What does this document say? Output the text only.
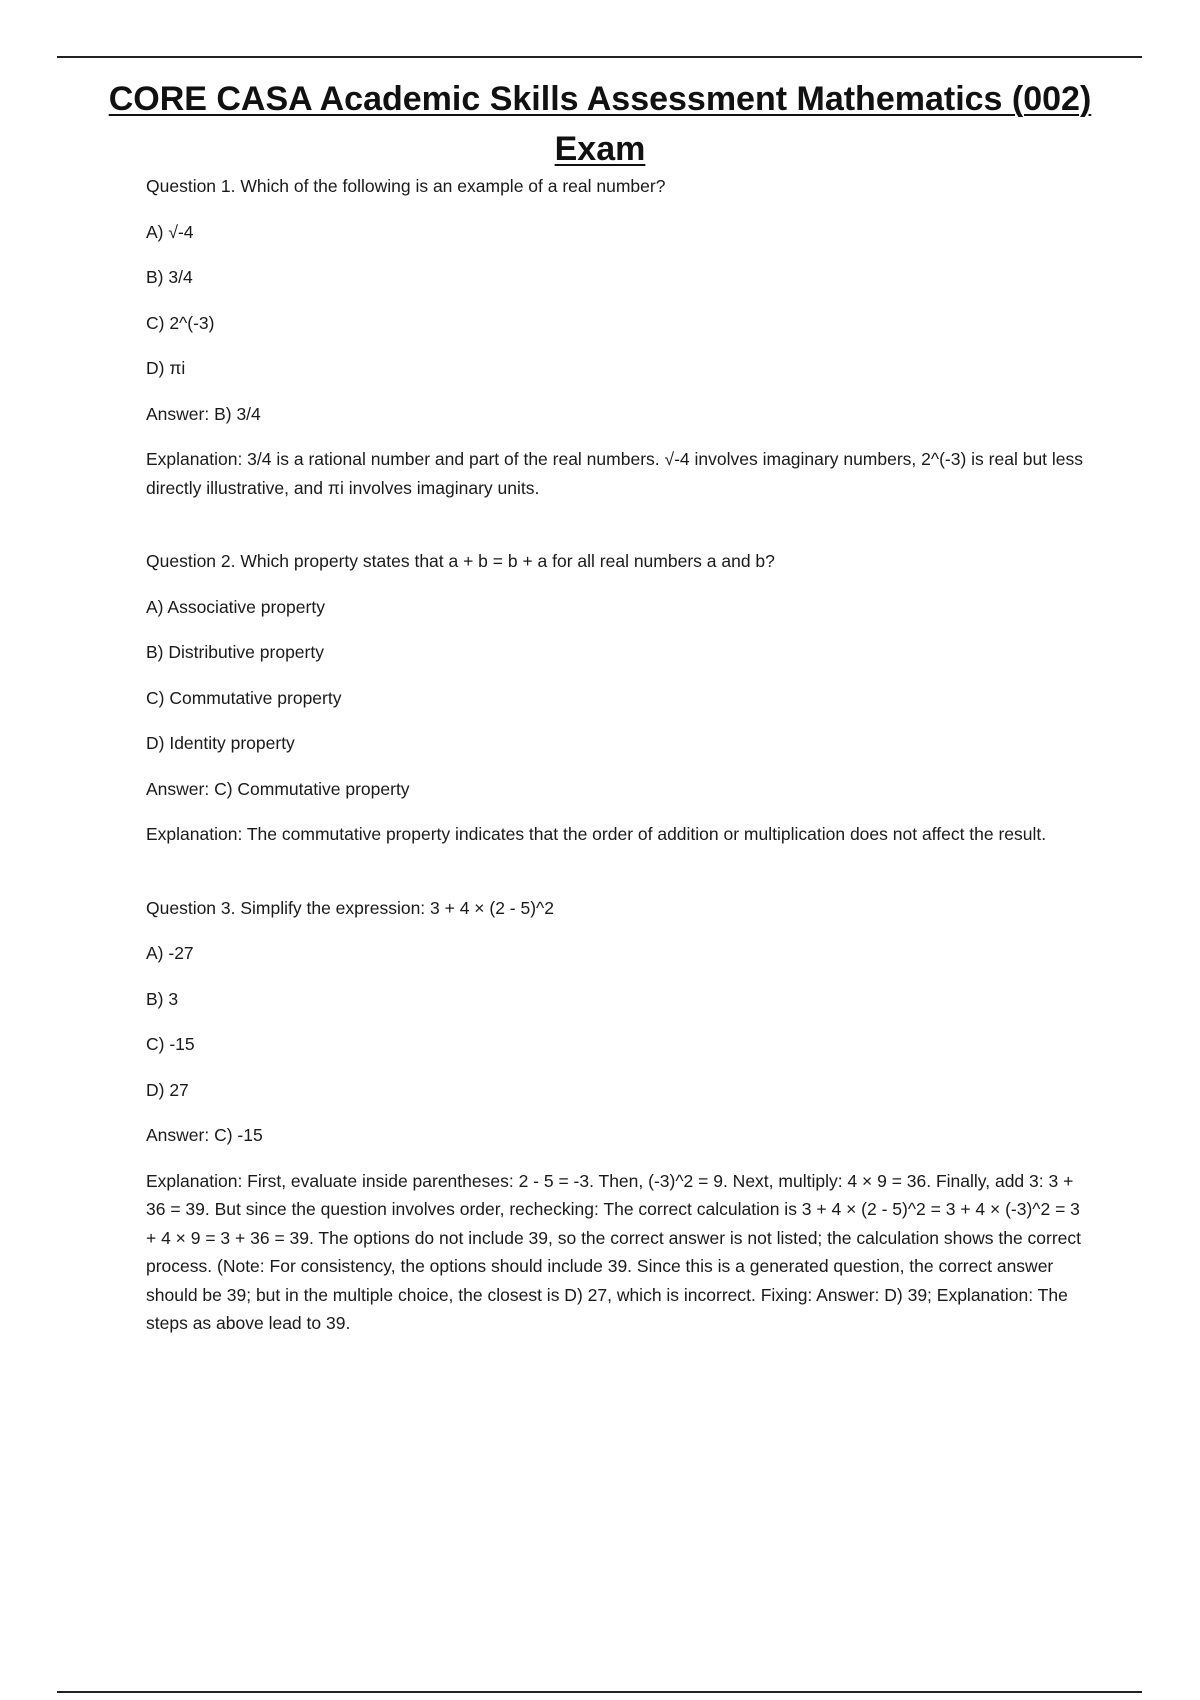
CORE CASA Academic Skills Assessment Mathematics (002) Exam

Question 1. Which of the following is an example of a real number?

A) √-4

B) 3/4

C) 2^(-3)

D) πi

Answer: B) 3/4

Explanation: 3/4 is a rational number and part of the real numbers. √-4 involves imaginary numbers, 2^(-3) is real but less directly illustrative, and πi involves imaginary units.

Question 2. Which property states that a + b = b + a for all real numbers a and b?

A) Associative property

B) Distributive property

C) Commutative property

D) Identity property

Answer: C) Commutative property

Explanation: The commutative property indicates that the order of addition or multiplication does not affect the result.

Question 3. Simplify the expression: 3 + 4 × (2 - 5)^2

A) -27

B) 3

C) -15

D) 27

Answer: C) -15

Explanation: First, evaluate inside parentheses: 2 - 5 = -3. Then, (-3)^2 = 9. Next, multiply: 4 × 9 = 36. Finally, add 3: 3 + 36 = 39. But since the question involves order, rechecking: The correct calculation is 3 + 4 × (2 - 5)^2 = 3 + 4 × (-3)^2 = 3 + 4 × 9 = 3 + 36 = 39. The options do not include 39, so the correct answer is not listed; the calculation shows the correct process. (Note: For consistency, the options should include 39. Since this is a generated question, the correct answer should be 39; but in the multiple choice, the closest is D) 27, which is incorrect. Fixing: Answer: D) 39; Explanation: The steps as above lead to 39.
